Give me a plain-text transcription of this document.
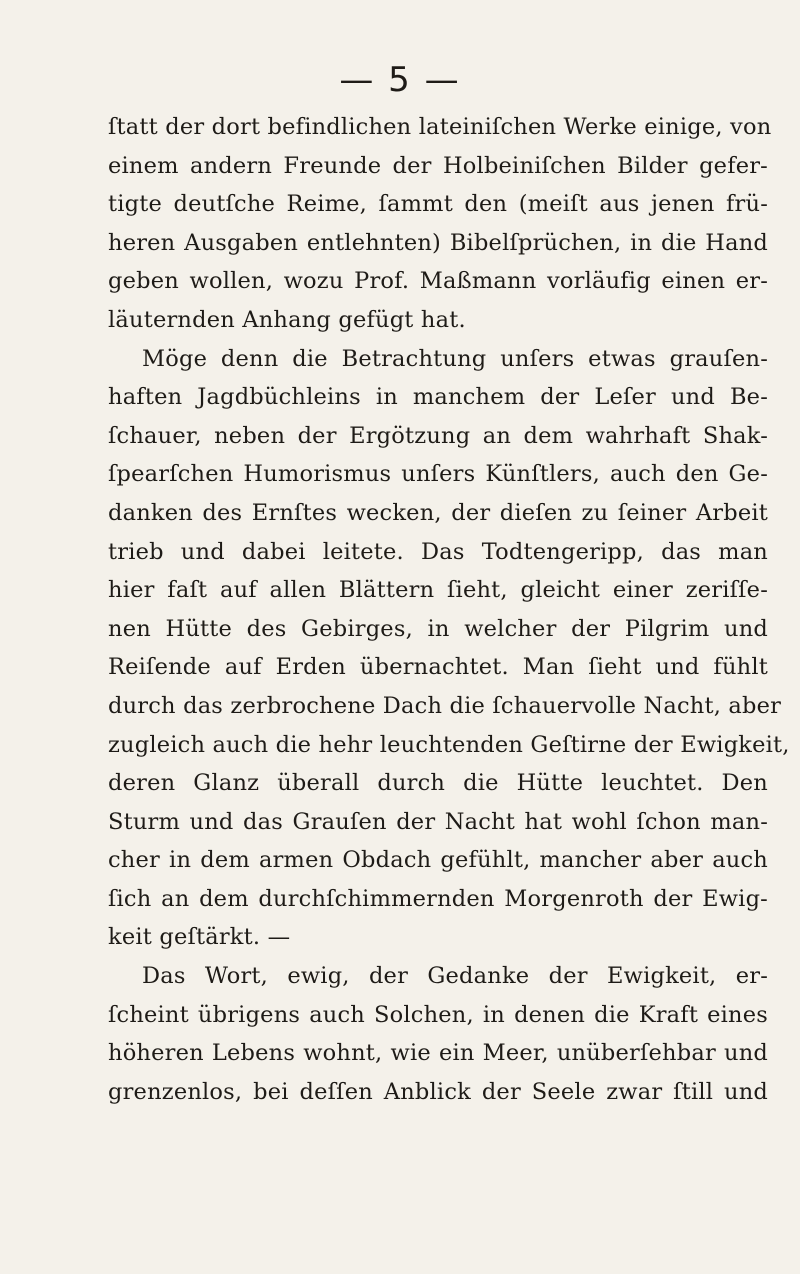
— 5 —
ſtatt der dort befindlichen lateiniſchen Werke einige, von
einem andern Freunde der Holbeiniſchen Bilder gefer-
tigte deutſche Reime, ſammt den (meiſt aus jenen frü-
heren Ausgaben entlehnten) Bibelſprüchen, in die Hand
geben wollen, wozu Prof. Maßmann vorläufig einen er-
läuternden Anhang gefügt hat.
Möge denn die Betrachtung unſers etwas grauſen-
haften Jagdbüchleins in manchem der Leſer und Be-
ſchauer, neben der Ergötzung an dem wahrhaft Shak-
ſpearſchen Humorismus unſers Künſtlers, auch den Ge-
danken des Ernſtes wecken, der dieſen zu ſeiner Arbeit
trieb und dabei leitete. Das Todtengeripp, das man
hier faſt auf allen Blättern ſieht, gleicht einer zeriſſe-
nen Hütte des Gebirges, in welcher der Pilgrim und
Reiſende auf Erden übernachtet. Man ſieht und fühlt
durch das zerbrochene Dach die ſchauervolle Nacht, aber
zugleich auch die hehr leuchtenden Geſtirne der Ewigkeit,
deren Glanz überall durch die Hütte leuchtet. Den
Sturm und das Grauſen der Nacht hat wohl ſchon man-
cher in dem armen Obdach gefühlt, mancher aber auch
ſich an dem durchſchimmernden Morgenroth der Ewig-
keit geſtärkt. —
Das Wort, ewig, der Gedanke der Ewigkeit, er-
ſcheint übrigens auch Solchen, in denen die Kraft eines
höheren Lebens wohnt, wie ein Meer, unüberſehbar und
grenzenlos, bei deſſen Anblick der Seele zwar ſtill und
